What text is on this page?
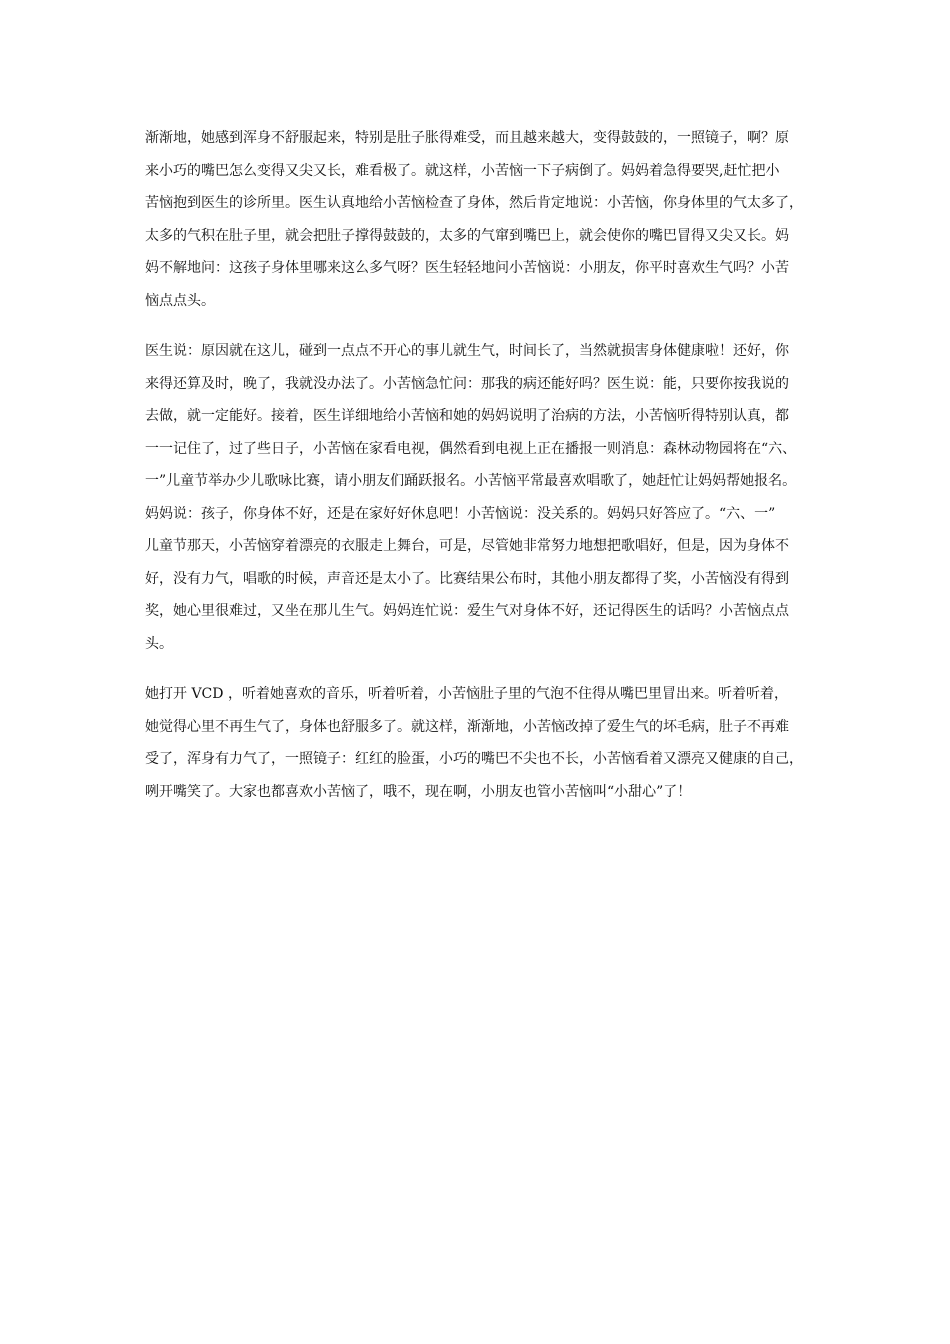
渐渐地，她感到浑身不舒服起来，特别是肚子胀得难受，而且越来越大，变得鼓鼓的，一照镜子，啊？原
来小巧的嘴巴怎么变得又尖又长，难看极了。就这样，小苦恼一下子病倒了。妈妈着急得要哭,赶忙把小
苦恼抱到医生的诊所里。医生认真地给小苦恼检查了身体，然后肯定地说：小苦恼，你身体里的气太多了，
太多的气积在肚子里，就会把肚子撑得鼓鼓的，太多的气窜到嘴巴上，就会使你的嘴巴冒得又尖又长。妈
妈不解地问：这孩子身体里哪来这么多气呀？医生轻轻地问小苦恼说：小朋友，你平时喜欢生气吗？小苦
恼点点头。

医生说：原因就在这儿，碰到一点点不开心的事儿就生气，时间长了，当然就损害身体健康啦！还好，你
来得还算及时，晚了，我就没办法了。小苦恼急忙问：那我的病还能好吗？医生说：能，只要你按我说的
去做，就一定能好。接着，医生详细地给小苦恼和她的妈妈说明了治病的方法，小苦恼听得特别认真，都
一一记住了，过了些日子，小苦恼在家看电视，偶然看到电视上正在播报一则消息：森林动物园将在“六、
一”儿童节举办少儿歌咏比赛，请小朋友们踊跃报名。小苦恼平常最喜欢唱歌了，她赶忙让妈妈帮她报名。
妈妈说：孩子，你身体不好，还是在家好好休息吧！小苦恼说：没关系的。妈妈只好答应了。“六、一”
儿童节那天，小苦恼穿着漂亮的衣服走上舞台，可是，尽管她非常努力地想把歌唱好，但是，因为身体不
好，没有力气，唱歌的时候，声音还是太小了。比赛结果公布时，其他小朋友都得了奖，小苦恼没有得到
奖，她心里很难过，又坐在那儿生气。妈妈连忙说：爱生气对身体不好，还记得医生的话吗？小苦恼点点
头。

她打开 VCD ，听着她喜欢的音乐，听着听着，小苦恼肚子里的气泡不住得从嘴巴里冒出来。听着听着，
她觉得心里不再生气了，身体也舒服多了。就这样，渐渐地，小苦恼改掉了爱生气的坏毛病，肚子不再难
受了，浑身有力气了，一照镜子：红红的脸蛋，小巧的嘴巴不尖也不长，小苦恼看着又漂亮又健康的自己，
咧开嘴笑了。大家也都喜欢小苦恼了，哦不，现在啊，小朋友也管小苦恼叫“小甜心”了！
